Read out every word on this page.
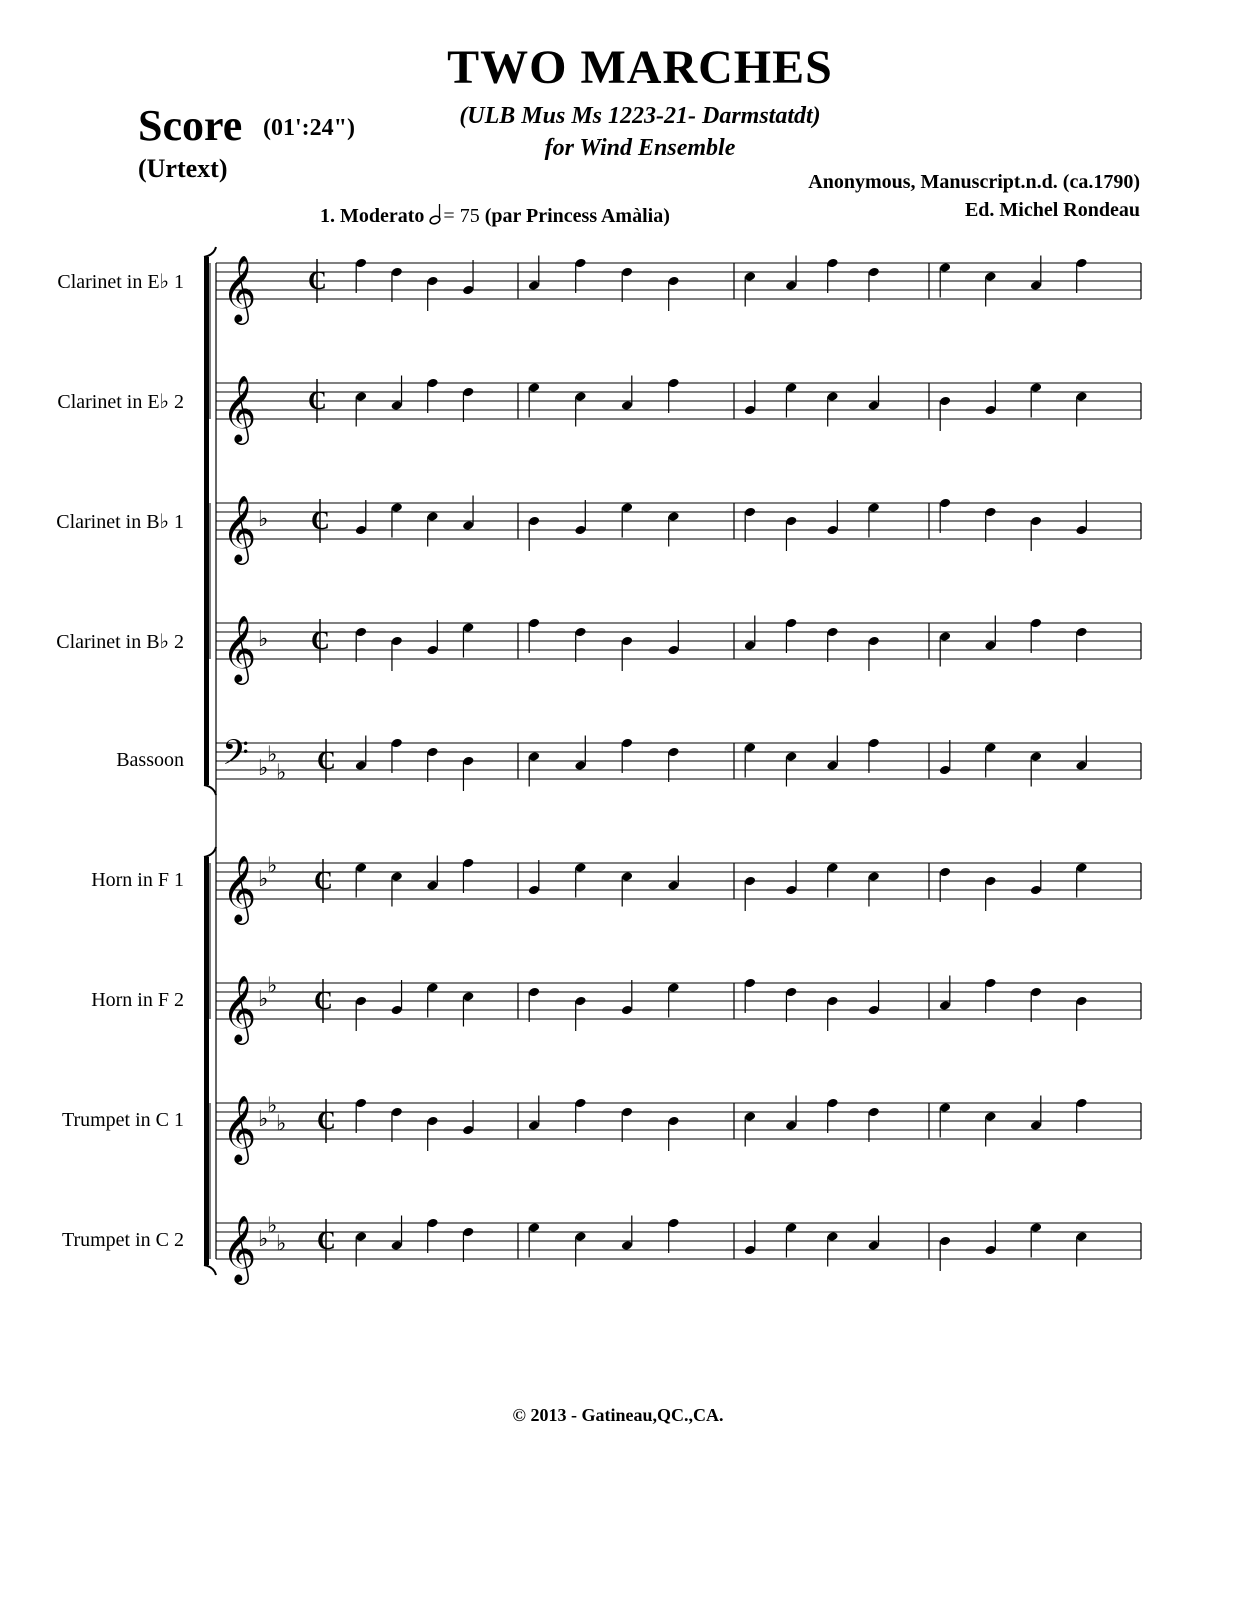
TWO MARCHES
(ULB Mus Ms 1223-21- Darmstatdt)
for Wind Ensemble
Score (01':24")
(Urtext)	Anonymous, Manuscript.n.d. (ca.1790)
Ed. Michel Rondeau
1. Moderato = 75 (par Princess Amàlia)
Clarinet in E♭ 1
Clarinet in E♭ 2
Clarinet in B♭ 1
Clarinet in B♭ 2
Bassoon
Horn in F 1
Horn in F 2
Trumpet in C 1
Trumpet in C 2
𝄞 C
𝄞 C
𝄞 ♭ C
𝄞 ♭ C
𝄢 ♭
♭
♭ C
𝄞 ♭
♭ C
𝄞 ♭
♭ C
𝄞 ♭
♭
♭ C
𝄞 ♭
♭
♭ C
© 2013 - Gatineau,QC.,CA.
